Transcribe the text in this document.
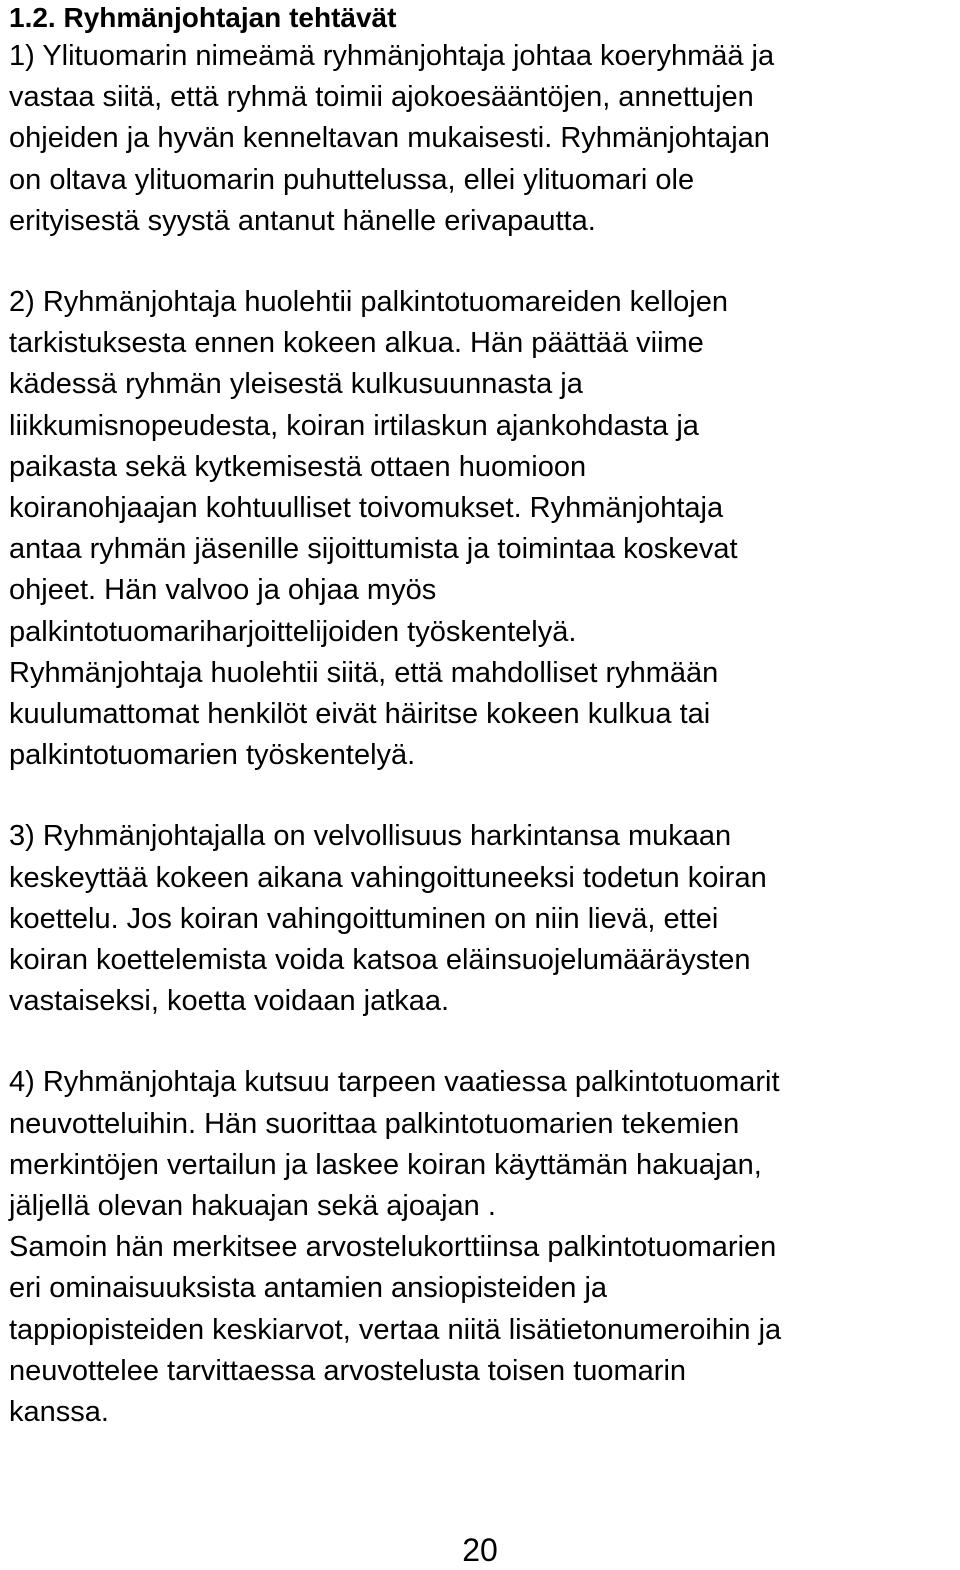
1.2. Ryhmänjohtajan tehtävät

1) Ylituomarin nimeämä ryhmänjohtaja johtaa koeryhmää ja
vastaa siitä, että ryhmä toimii ajokoesääntöjen, annettujen
ohjeiden ja hyvän kenneltavan mukaisesti. Ryhmänjohtajan
on oltava ylituomarin puhuttelussa, ellei ylituomari ole
erityisestä syystä antanut hänelle erivapautta.

2) Ryhmänjohtaja huolehtii palkintotuomareiden kellojen
tarkistuksesta ennen kokeen alkua. Hän päättää viime
kädessä ryhmän yleisestä kulkusuunnasta ja
liikkumisnopeudesta, koiran irtilaskun ajankohdasta ja
paikasta sekä kytkemisestä ottaen huomioon
koiranohjaajan kohtuulliset toivomukset. Ryhmänjohtaja
antaa ryhmän jäsenille sijoittumista ja toimintaa koskevat
ohjeet. Hän valvoo ja ohjaa myös
palkintotuomariharjoittelijoiden työskentelyä.
Ryhmänjohtaja huolehtii siitä, että mahdolliset ryhmään
kuulumattomat henkilöt eivät häiritse kokeen kulkua tai
palkintotuomarien työskentelyä.

3) Ryhmänjohtajalla on velvollisuus harkintansa mukaan
keskeyttää kokeen aikana vahingoittuneeksi todetun koiran
koettelu. Jos koiran vahingoittuminen on niin lievä, ettei
koiran koettelemista voida katsoa eläinsuojelumääräysten
vastaiseksi, koetta voidaan jatkaa.

4) Ryhmänjohtaja kutsuu tarpeen vaatiessa palkintotuomarit
neuvotteluihin. Hän suorittaa palkintotuomarien tekemien
merkintöjen vertailun ja laskee koiran käyttämän hakuajan,
jäljellä olevan hakuajan sekä ajoajan .
Samoin hän merkitsee arvostelukorttiinsa palkintotuomarien
eri ominaisuuksista antamien ansiopisteiden ja
tappiopisteiden keskiarvot, vertaa niitä lisätietonumeroihin ja
neuvottelee tarvittaessa arvostelusta toisen tuomarin
kanssa.

20
